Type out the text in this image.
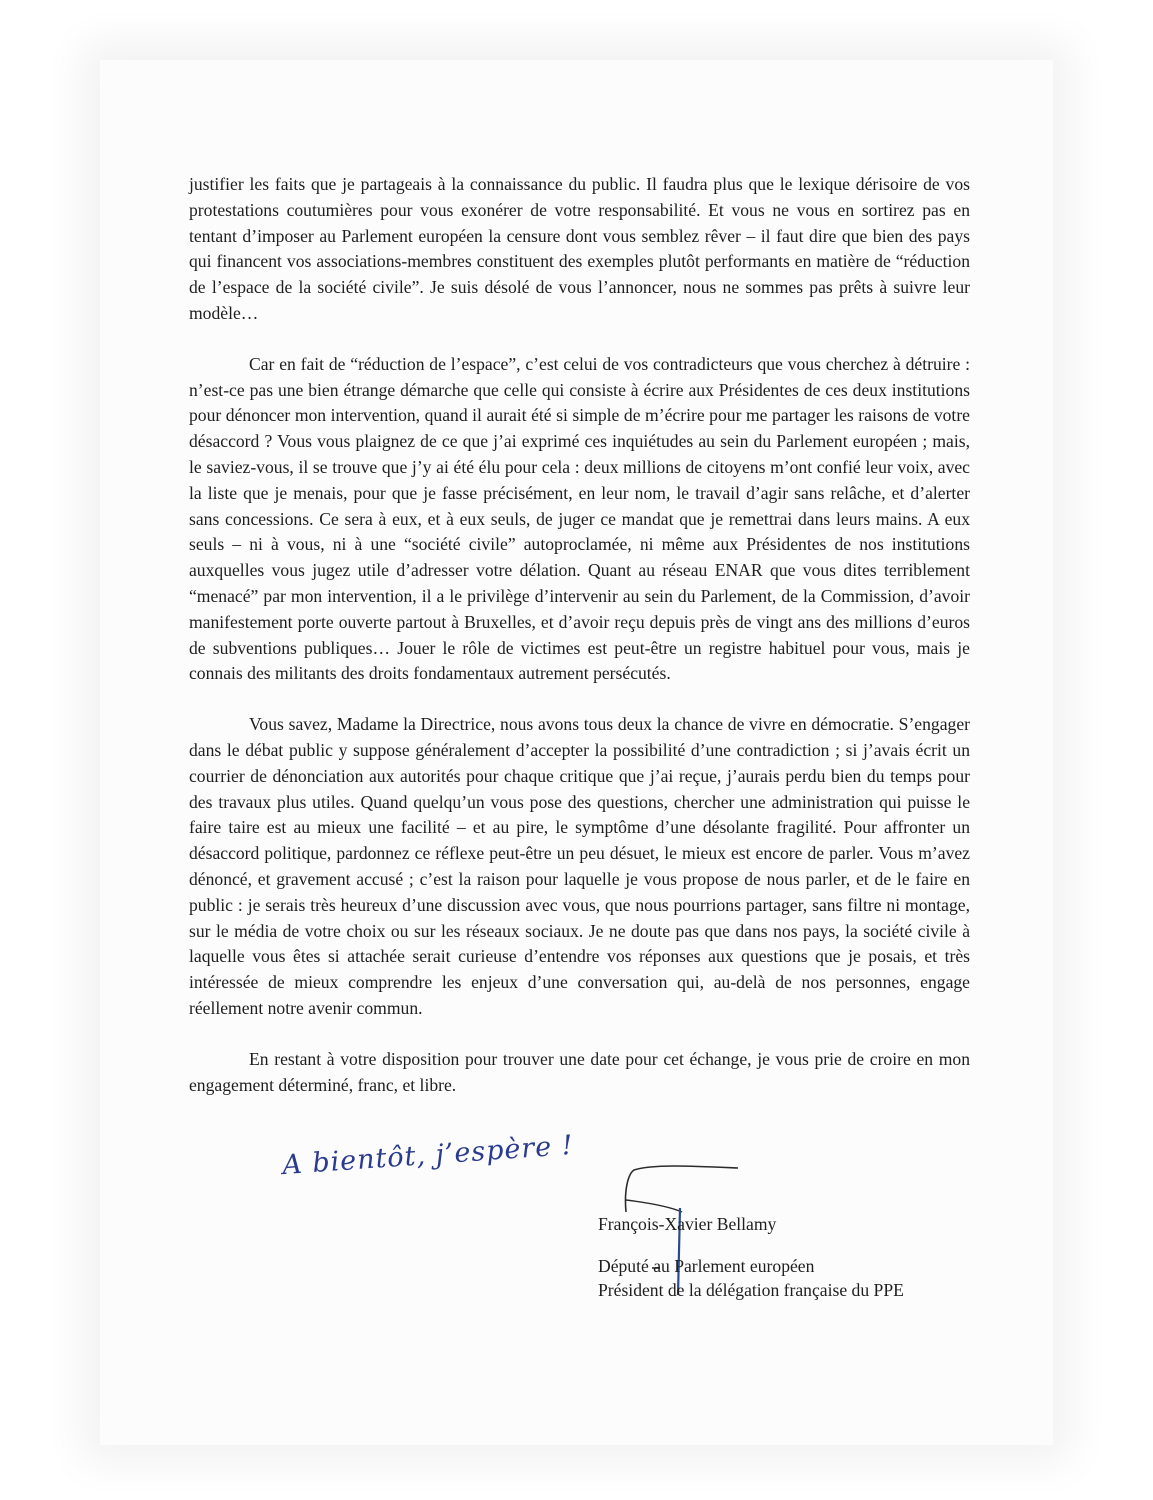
justifier les faits que je partageais à la connaissance du public. Il faudra plus que le lexique dérisoire de vos protestations coutumières pour vous exonérer de votre responsabilité. Et vous ne vous en sortirez pas en tentant d’imposer au Parlement européen la censure dont vous semblez rêver – il faut dire que bien des pays qui financent vos associations-membres constituent des exemples plutôt performants en matière de “réduction de l’espace de la société civile”. Je suis désolé de vous l’annoncer, nous ne sommes pas prêts à suivre leur modèle…

Car en fait de “réduction de l’espace”, c’est celui de vos contradicteurs que vous cherchez à détruire : n’est-ce pas une bien étrange démarche que celle qui consiste à écrire aux Présidentes de ces deux institutions pour dénoncer mon intervention, quand il aurait été si simple de m’écrire pour me partager les raisons de votre désaccord ? Vous vous plaignez de ce que j’ai exprimé ces inquiétudes au sein du Parlement européen ; mais, le saviez-vous, il se trouve que j’y ai été élu pour cela : deux millions de citoyens m’ont confié leur voix, avec la liste que je menais, pour que je fasse précisément, en leur nom, le travail d’agir sans relâche, et d’alerter sans concessions. Ce sera à eux, et à eux seuls, de juger ce mandat que je remettrai dans leurs mains. A eux seuls – ni à vous, ni à une “société civile” autoproclamée, ni même aux Présidentes de nos institutions auxquelles vous jugez utile d’adresser votre délation. Quant au réseau ENAR que vous dites terriblement “menacé” par mon intervention, il a le privilège d’intervenir au sein du Parlement, de la Commission, d’avoir manifestement porte ouverte partout à Bruxelles, et d’avoir reçu depuis près de vingt ans des millions d’euros de subventions publiques… Jouer le rôle de victimes est peut-être un registre habituel pour vous, mais je connais des militants des droits fondamentaux autrement persécutés.

Vous savez, Madame la Directrice, nous avons tous deux la chance de vivre en démocratie. S’engager dans le débat public y suppose généralement d’accepter la possibilité d’une contradiction ; si j’avais écrit un courrier de dénonciation aux autorités pour chaque critique que j’ai reçue, j’aurais perdu bien du temps pour des travaux plus utiles. Quand quelqu’un vous pose des questions, chercher une administration qui puisse le faire taire est au mieux une facilité – et au pire, le symptôme d’une désolante fragilité. Pour affronter un désaccord politique, pardonnez ce réflexe peut-être un peu désuet, le mieux est encore de parler. Vous m’avez dénoncé, et gravement accusé ; c’est la raison pour laquelle je vous propose de nous parler, et de le faire en public : je serais très heureux d’une discussion avec vous, que nous pourrions partager, sans filtre ni montage, sur le média de votre choix ou sur les réseaux sociaux. Je ne doute pas que dans nos pays, la société civile à laquelle vous êtes si attachée serait curieuse d’entendre vos réponses aux questions que je posais, et très intéressée de mieux comprendre les enjeux d’une conversation qui, au-delà de nos personnes, engage réellement notre avenir commun.

En restant à votre disposition pour trouver une date pour cet échange, je vous prie de croire en mon engagement déterminé, franc, et libre.

A bientôt, j’espère !
François-Xavier Bellamy
Député au Parlement européen
Président de la délégation française du PPE
